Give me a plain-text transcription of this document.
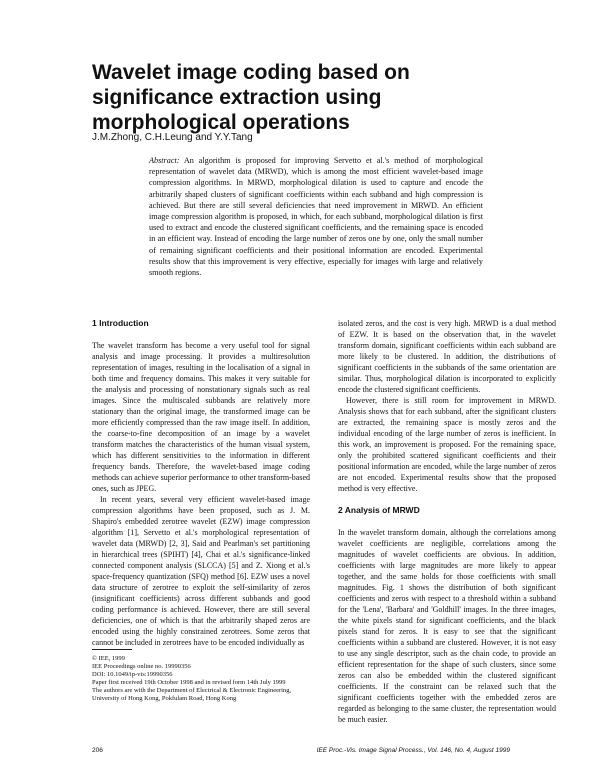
Wavelet image coding based on significance extraction using morphological operations
J.M.Zhong, C.H.Leung and Y.Y.Tang
Abstract: An algorithm is proposed for improving Servetto et al.'s method of morphological representation of wavelet data (MRWD), which is among the most efficient wavelet-based image compression algorithms. In MRWD, morphological dilation is used to capture and encode the arbitrarily shaped clusters of significant coefficients within each subband and high compression is achieved. But there are still several deficiencies that need improvement in MRWD. An efficient image compression algorithm is proposed, in which, for each subband, morphological dilation is first used to extract and encode the clustered significant coefficients, and the remaining space is encoded in an efficient way. Instead of encoding the large number of zeros one by one, only the small number of remaining significant coefficients and their positional information are encoded. Experimental results show that this improvement is very effective, especially for images with large and relatively smooth regions.
1 Introduction

The wavelet transform has become a very useful tool for signal analysis and image processing. It provides a multiresolution representation of images, resulting in the localisation of a signal in both time and frequency domains. This makes it very suitable for the analysis and processing of nonstationary signals such as real images. Since the multiscaled subbands are relatively more stationary than the original image, the transformed image can be more efficiently compressed than the raw image itself. In addition, the coarse-to-fine decomposition of an image by a wavelet transform matches the characteristics of the human visual system, which has different sensitivities to the information in different frequency bands. Therefore, the wavelet-based image coding methods can achieve superior performance to other transform-based ones, such as JPEG.

In recent years, several very efficient wavelet-based image compression algorithms have been proposed, such as J. M. Shapiro's embedded zerotree wavelet (EZW) image compression algorithm [1], Servetto et al.'s morphological representation of wavelet data (MRWD) [2, 3], Said and Pearlman's set partitioning in hierarchical trees (SPIHT) [4], Chai et al.'s significance-linked connected component analysis (SLCCA) [5] and Z. Xiong et al.'s space-frequency quantization (SFQ) method [6]. EZW uses a novel data structure of zerotree to exploit the self-similarity of zeros (insignificant coefficients) across different subbands and good coding performance is achieved. However, there are still several deficiencies, one of which is that the arbitrarily shaped zeros are encoded using the highly constrained zerotrees. Some zeros that cannot be included in zerotrees have to be encoded individually as

isolated zeros, and the cost is very high. MRWD is a dual method of EZW. It is based on the observation that, in the wavelet transform domain, significant coefficients within each subband are more likely to be clustered. In addition, the distributions of significant coefficients in the subbands of the same orientation are similar. Thus, morphological dilation is incorporated to explicitly encode the clustered significant coefficients.

However, there is still room for improvement in MRWD. Analysis shows that for each subband, after the significant clusters are extracted, the remaining space is mostly zeros and the individual encoding of the large number of zeros is inefficient. In this work, an improvement is proposed. For the remaining space, only the prohibited scattered significant coefficients and their positional information are encoded, while the large number of zeros are not encoded. Experimental results show that the proposed method is very effective.

2 Analysis of MRWD

In the wavelet transform domain, although the correlations among wavelet coefficients are negligible, correlations among the magnitudes of wavelet coefficients are obvious. In addition, coefficients with large magnitudes are more likely to appear together, and the same holds for those coefficients with small magnitudes. Fig. 1 shows the distribution of both significant coefficients and zeros with respect to a threshold within a subband for the 'Lena', 'Barbara' and 'Goldhill' images. In the three images, the white pixels stand for significant coefficients, and the black pixels stand for zeros. It is easy to see that the significant coefficients within a subband are clustered. However, it is not easy to use any single descriptor, such as the chain code, to provide an efficient representation for the shape of such clusters, since some zeros can also be embedded within the clustered significant coefficients. If the constraint can be relaxed such that the significant coefficients together with the embedded zeros are regarded as belonging to the same cluster, the representation would be much easier.

© IEE, 1999
IEE Proceedings online no. 19990356
DOI: 10.1049/ip-vis:19990356
Paper first received 19th October 1998 and in revised form 14th July 1999
The authors are with the Department of Electrical & Electronic Engineering, University of Hong Kong, Pokfulam Road, Hong Kong
206	IEE Proc.-Vis. Image Signal Process., Vol. 146, No. 4, August 1999
